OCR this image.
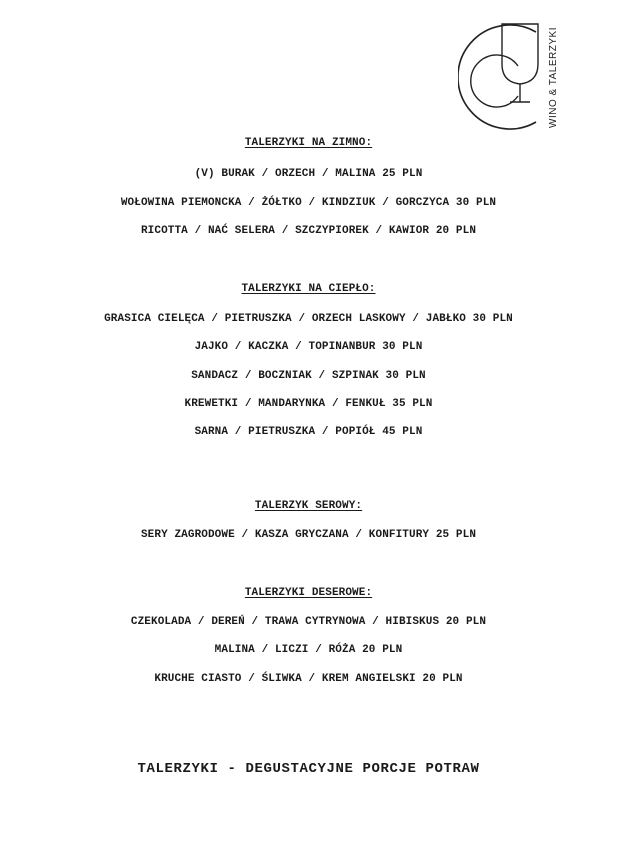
WINO & TALERZYKI
TALERZYKI NA ZIMNO:
(V) BURAK / ORZECH / MALINA 25 PLN
WOŁOWINA PIEMONCKA / ŻÓŁTKO / KINDZIUK / GORCZYCA 30 PLN
RICOTTA / NAĆ SELERA / SZCZYPIOREK / KAWIOR 20 PLN
TALERZYKI NA CIEPŁO:
GRASICA CIELĘCA / PIETRUSZKA / ORZECH LASKOWY / JABŁKO 30 PLN
JAJKO / KACZKA / TOPINANBUR 30 PLN
SANDACZ / BOCZNIAK / SZPINAK 30 PLN
KREWETKI / MANDARYNKA / FENKUŁ 35 PLN
SARNA / PIETRUSZKA / POPIÓŁ 45 PLN
TALERZYK SEROWY:
SERY ZAGRODOWE / KASZA GRYCZANA / KONFITURY 25 PLN
TALERZYKI DESEROWE:
CZEKOLADA / DEREŃ / TRAWA CYTRYNOWA / HIBISKUS 20 PLN
MALINA / LICZI / RÓŻA 20 PLN
KRUCHE CIASTO / ŚLIWKA / KREM ANGIELSKI 20 PLN
TALERZYKI - DEGUSTACYJNE PORCJE POTRAW
